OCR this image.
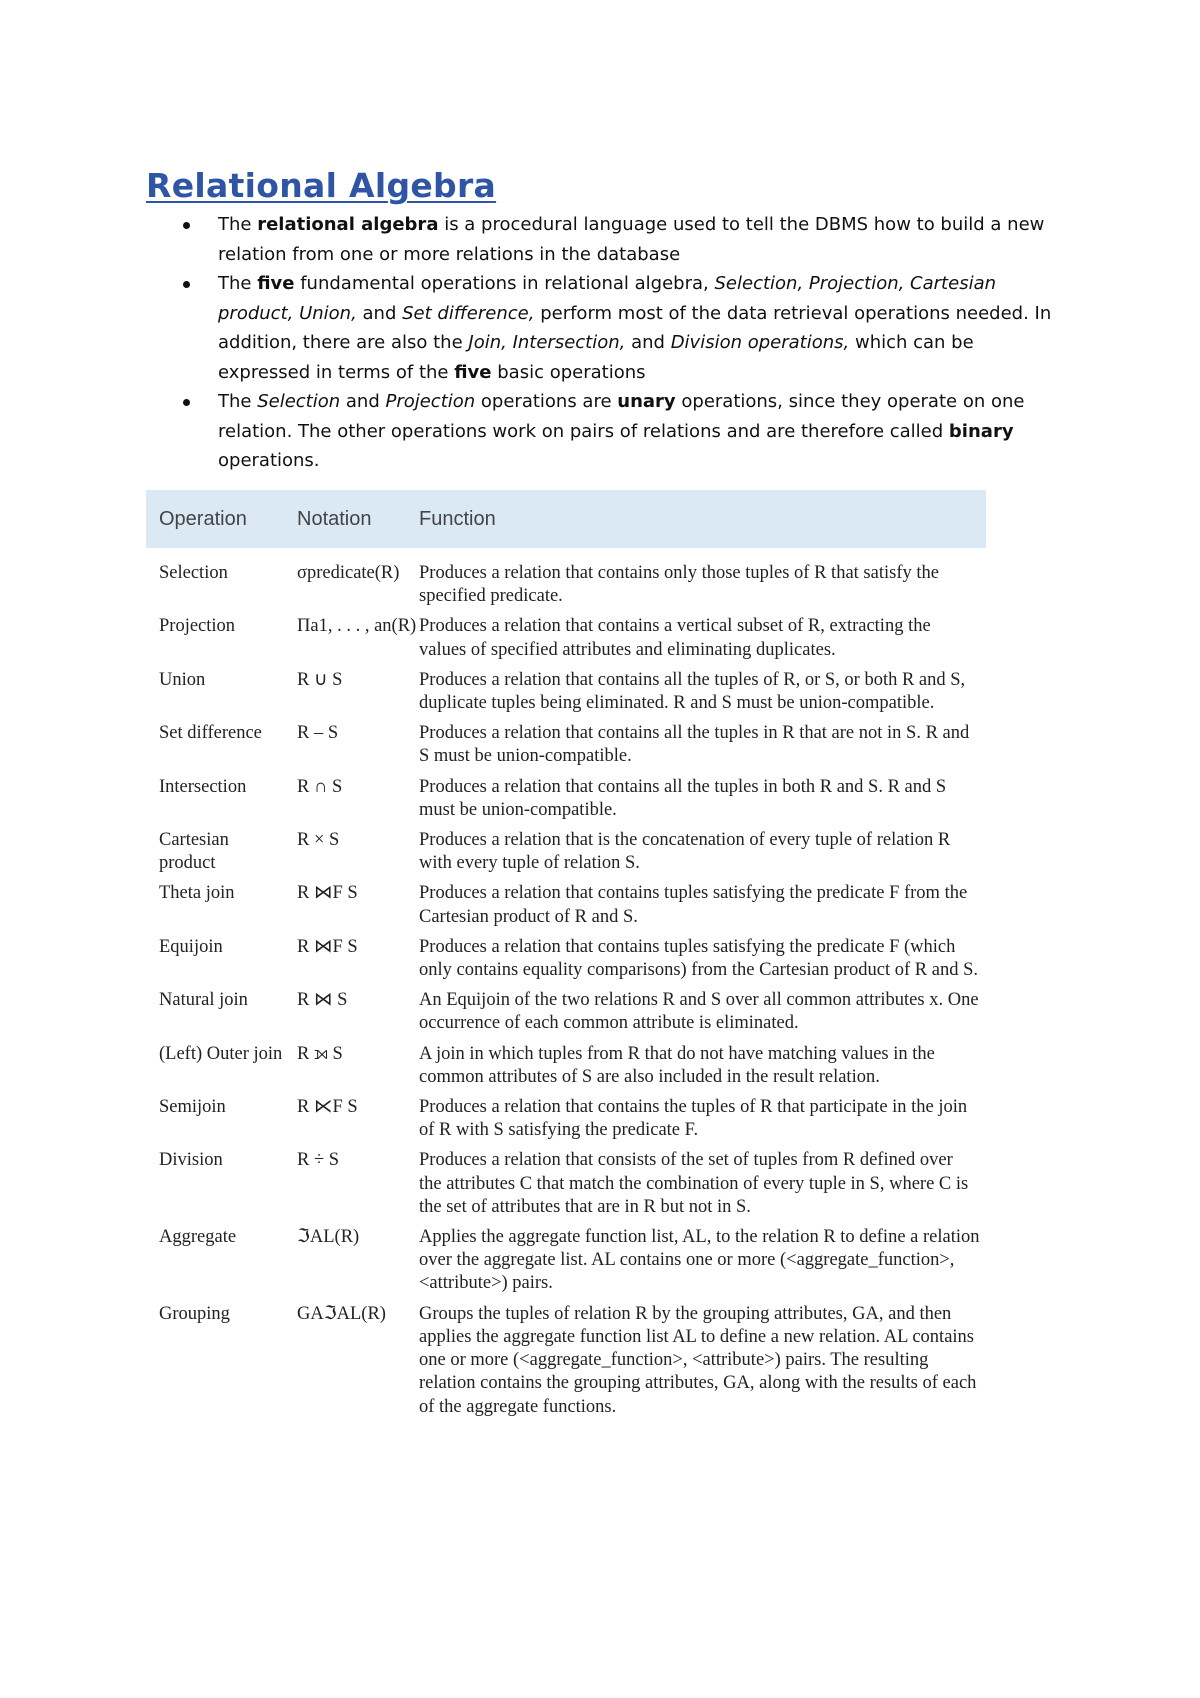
Relational Algebra
The relational algebra is a procedural language used to tell the DBMS how to build a new relation from one or more relations in the database
The five fundamental operations in relational algebra, Selection, Projection, Cartesian product, Union, and Set difference, perform most of the data retrieval operations needed. In addition, there are also the Join, Intersection, and Division operations, which can be expressed in terms of the five basic operations
The Selection and Projection operations are unary operations, since they operate on one relation. The other operations work on pairs of relations and are therefore called binary operations.
Operation	Notation	Function
Selection	σpredicate(R)	Produces a relation that contains only those tuples of R that satisfy the specified predicate.
Projection	Πa1, . . . , an(R)	Produces a relation that contains a vertical subset of R, extracting the values of specified attributes and eliminating duplicates.
Union	R ∪ S	Produces a relation that contains all the tuples of R, or S, or both R and S, duplicate tuples being eliminated. R and S must be union-compatible.
Set difference	R – S	Produces a relation that contains all the tuples in R that are not in S. R and S must be union-compatible.
Intersection	R ∩ S	Produces a relation that contains all the tuples in both R and S. R and S must be union-compatible.
Cartesian product	R × S	Produces a relation that is the concatenation of every tuple of relation R with every tuple of relation S.
Theta join	R ⋈F S	Produces a relation that contains tuples satisfying the predicate F from the Cartesian product of R and S.
Equijoin	R ⋈F S	Produces a relation that contains tuples satisfying the predicate F (which only contains equality comparisons) from the Cartesian product of R and S.
Natural join	R ⋈ S	An Equijoin of the two relations R and S over all common attributes x. One occurrence of each common attribute is eliminated.
(Left) Outer join	R ⟕ S	A join in which tuples from R that do not have matching values in the common attributes of S are also included in the result relation.
Semijoin	R ⋉F S	Produces a relation that contains the tuples of R that participate in the join of R with S satisfying the predicate F.
Division	R ÷ S	Produces a relation that consists of the set of tuples from R defined over the attributes C that match the combination of every tuple in S, where C is the set of attributes that are in R but not in S.
Aggregate	ℑAL(R)	Applies the aggregate function list, AL, to the relation R to define a relation over the aggregate list. AL contains one or more (<aggregate_function>, <attribute>) pairs.
Grouping	GAℑAL(R)	Groups the tuples of relation R by the grouping attributes, GA, and then applies the aggregate function list AL to define a new relation. AL contains one or more (<aggregate_function>, <attribute>) pairs. The resulting relation contains the grouping attributes, GA, along with the results of each of the aggregate functions.
